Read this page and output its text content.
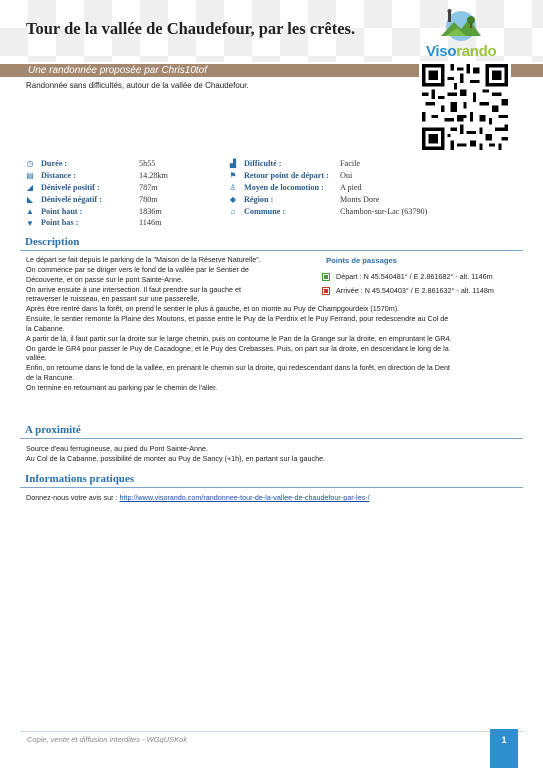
Tour de la vallée de Chaudefour, par les crêtes.
Visorando
Une randonnée proposée par Chris10tof
Randonnée sans difficultés, autour de la vallée de Chaudefour.
◷ Durée :	5h55
▤ Distance :	14.28km
◢ Dénivelé positif :	787m
◣ Dénivelé négatif :	780m
▲ Point haut :	1836m
▼ Point bas :	1146m
▟ Difficulté :	Facile
⚑ Retour point de départ : Oui
♙ Moyen de locomotion : A pied
◆ Région :	Monts Dore
⌂	Commune :	Chambon-sur-Lac (63790)
Description
Le départ se fait depuis le parking de la "Maison de la Réserve Naturelle".
On commence par se diriger vers le fond de la vallée par le Sentier de
Découverte, et on passe sur le pont Sainte-Anne.
On arrive ensuite à une intersection. Il faut prendre sur la gauche et
retraverser le ruisseau, en passant sur une passerelle.
Après être rentré dans la forêt, on prend le sentier le plus à gauche, et on monte au Puy de Champgourdeix (1570m).
Ensuite, le sentier remonte la Plaine des Moutons, et passe entre le Puy de la Perdrix et le Puy Ferrand, pour redescendre au Col de
la Cabanne.
A partir de là, il faut partir sur la droite sur le large chemin, puis on contourne le Pan de la Grange sur la droite, en empruntant le GR4.
On garde le GR4 pour passer le Puy de Cacadogne, et le Puy des Crebasses. Puis, on part sur la droite, en descendant le long de la
vallée.
Enfin, on retourne dans le fond de la vallée, en prenant le chemin sur la droite, qui redescendant dans la forêt, en direction de la Dent
de la Rancune.
On termine en retournant au parking par le chemin de l'aller.
Points de passages
Départ : N 45.540481° / E 2.861682° - alt. 1146m
Arrivée : N 45.540403° / E 2.861632° - alt. 1148m
A proximité
Source d'eau ferrugineuse, au pied du Pont Sainte-Anne.
Au Col de la Cabanne, possibilité de monter au Puy de Sancy (+1h), en partant sur la gauche.
Informations pratiques
Donnez-nous votre avis sur : http://www.visorando.com/randonnee-tour-de-la-vallee-de-chaudefour-par-les-/
Copie, vente et diffusion interdites - WGqUSKok	1
